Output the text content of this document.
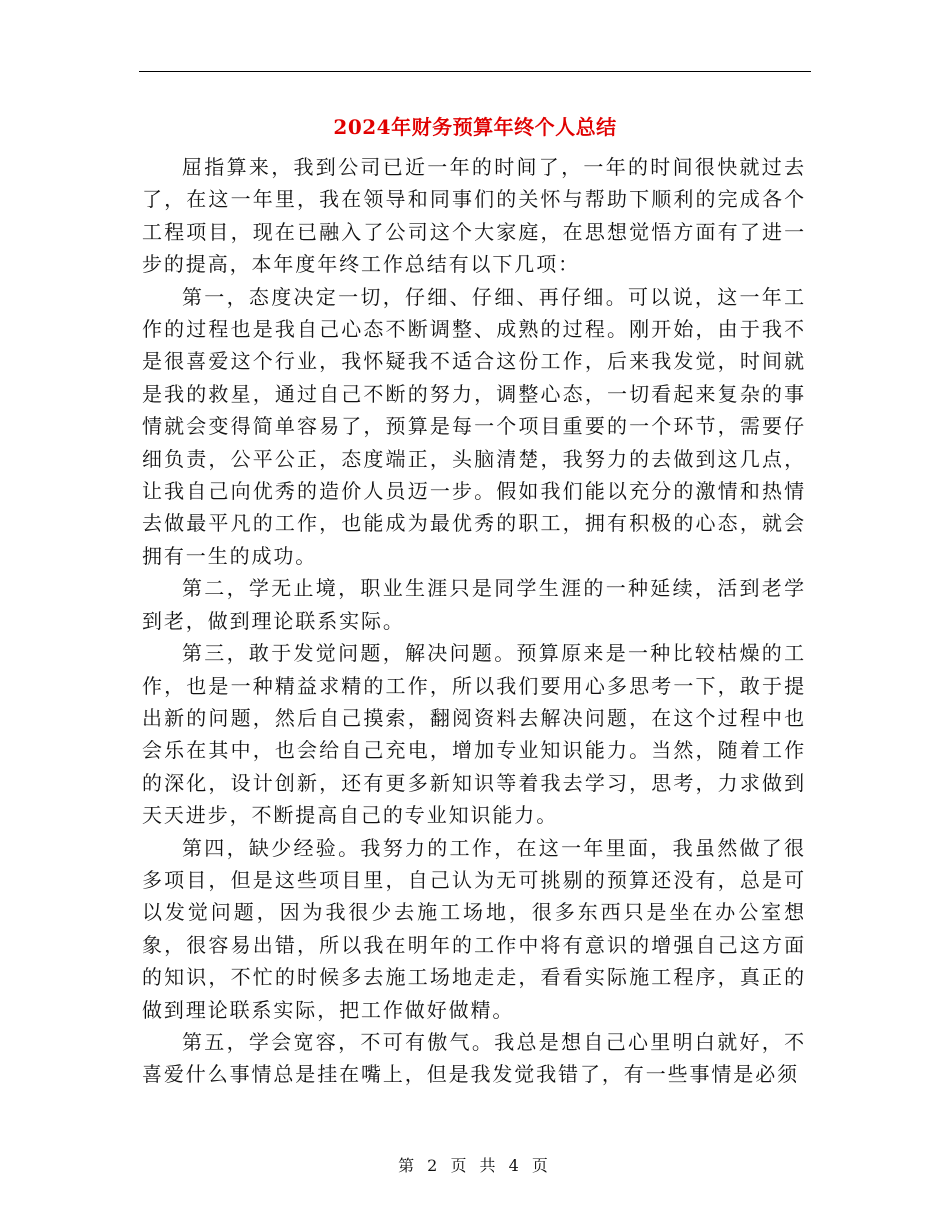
2024年财务预算年终个人总结

屈指算来，我到公司已近一年的时间了，一年的时间很快就过去了，在这一年里，我在领导和同事们的关怀与帮助下顺利的完成各个工程项目，现在已融入了公司这个大家庭，在思想觉悟方面有了进一步的提高，本年度年终工作总结有以下几项：

第一，态度决定一切，仔细、仔细、再仔细。可以说，这一年工作的过程也是我自己心态不断调整、成熟的过程。刚开始，由于我不是很喜爱这个行业，我怀疑我不适合这份工作，后来我发觉，时间就是我的救星，通过自己不断的努力，调整心态，一切看起来复杂的事情就会变得简单容易了，预算是每一个项目重要的一个环节，需要仔细负责，公平公正，态度端正，头脑清楚，我努力的去做到这几点，让我自己向优秀的造价人员迈一步。假如我们能以充分的激情和热情去做最平凡的工作，也能成为最优秀的职工，拥有积极的心态，就会拥有一生的成功。

第二，学无止境，职业生涯只是同学生涯的一种延续，活到老学到老，做到理论联系实际。

第三，敢于发觉问题，解决问题。预算原来是一种比较枯燥的工作，也是一种精益求精的工作，所以我们要用心多思考一下，敢于提出新的问题，然后自己摸索，翻阅资料去解决问题，在这个过程中也会乐在其中，也会给自己充电，增加专业知识能力。当然，随着工作的深化，设计创新，还有更多新知识等着我去学习，思考，力求做到天天进步，不断提高自己的专业知识能力。

第四，缺少经验。我努力的工作，在这一年里面，我虽然做了很多项目，但是这些项目里，自己认为无可挑剔的预算还没有，总是可以发觉问题，因为我很少去施工场地，很多东西只是坐在办公室想象，很容易出错，所以我在明年的工作中将有意识的增强自己这方面的知识，不忙的时候多去施工场地走走，看看实际施工程序，真正的做到理论联系实际，把工作做好做精。

第五，学会宽容，不可有傲气。我总是想自己心里明白就好，不喜爱什么事情总是挂在嘴上，但是我发觉我错了，有一些事情是必须

第 2 页 共 4 页
